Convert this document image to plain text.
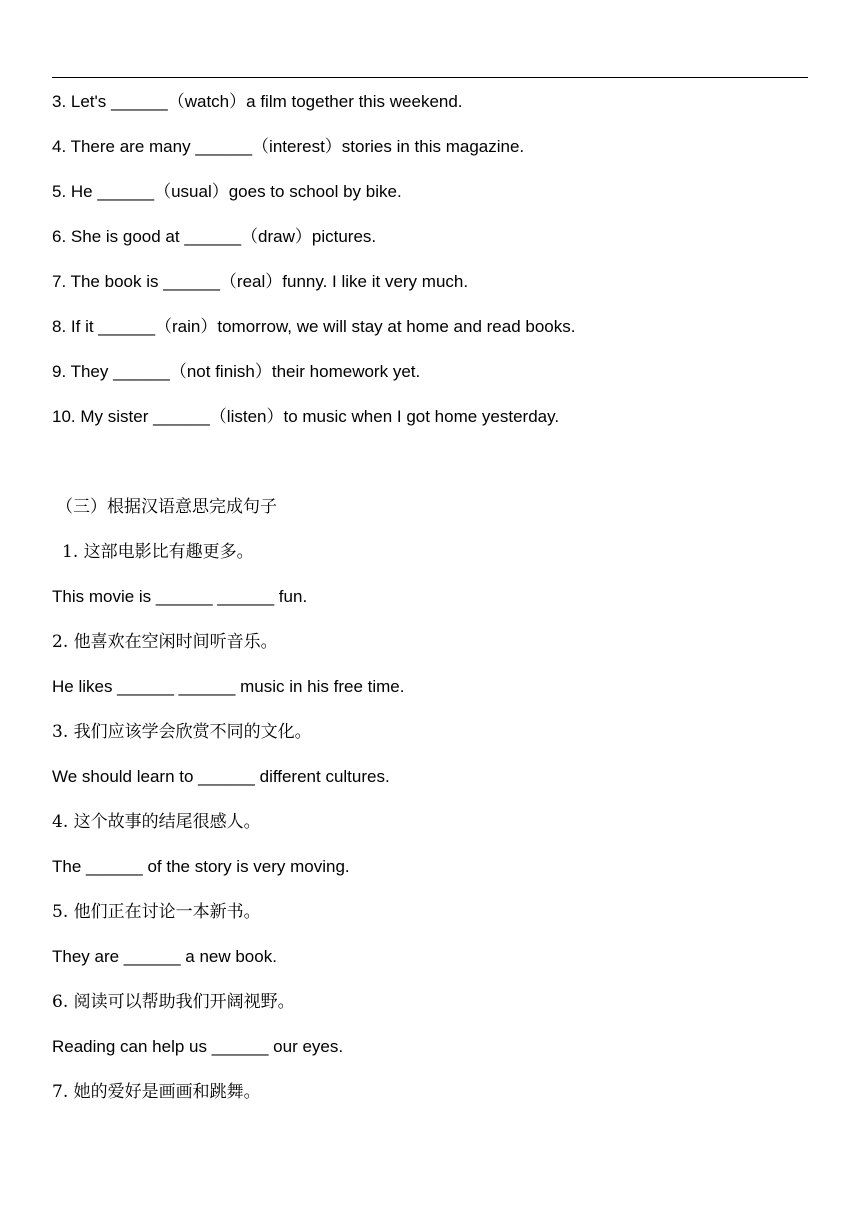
3. Let's ______（watch）a film together this weekend.
4. There are many ______（interest）stories in this magazine.
5. He ______（usual）goes to school by bike.
6. She is good at ______（draw）pictures.
7. The book is ______（real）funny. I like it very much.
8. If it ______（rain）tomorrow, we will stay at home and read books.
9. They ______（not finish）their homework yet.
10. My sister ______（listen）to music when I got home yesterday.
（三）根据汉语意思完成句子
1. 这部电影比有趣更多。
This movie is ______ ______ fun.
2. 他喜欢在空闲时间听音乐。
He likes ______ ______ music in his free time.
3. 我们应该学会欣赏不同的文化。
We should learn to ______ different cultures.
4. 这个故事的结尾很感人。
The ______ of the story is very moving.
5. 他们正在讨论一本新书。
They are ______ a new book.
6. 阅读可以帮助我们开阔视野。
Reading can help us ______ our eyes.
7. 她的爱好是画画和跳舞。
